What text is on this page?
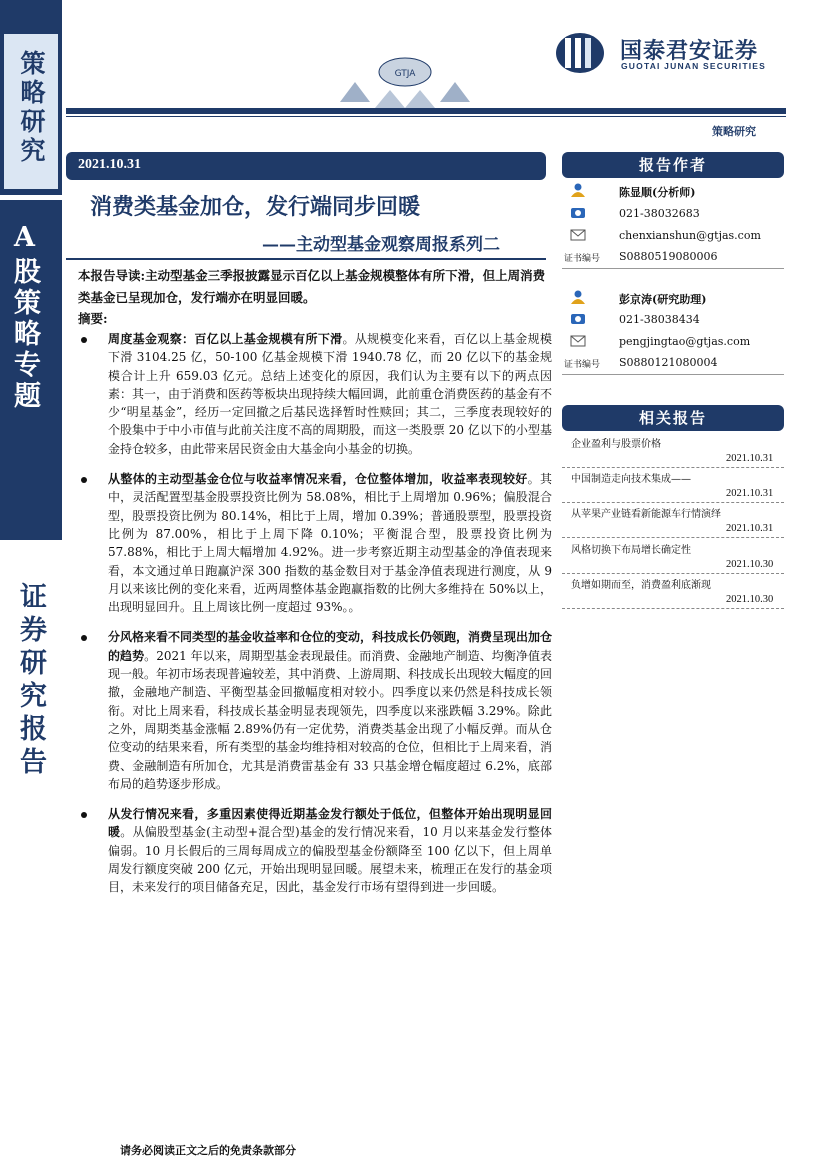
策略研究
A股策略专题
证券研究报告
GTJA
国泰君安证券
GUOTAI JUNAN SECURITIES
策略研究
2021.10.31
消费类基金加仓，发行端同步回暖
——主动型基金观察周报系列二
本报告导读:主动型基金三季报披露显示百亿以上基金规模整体有所下滑，但上周消费类基金已呈现加仓，发行端亦在明显回暖。
摘要:
周度基金观察：百亿以上基金规模有所下滑。从规模变化来看，百亿以上基金规模下滑 3104.25 亿，50-100 亿基金规模下滑 1940.78 亿，而 20 亿以下的基金规模合计上升 659.03 亿元。总结上述变化的原因，我们认为主要有以下的两点因素：其一，由于消费和医药等板块出现持续大幅回调，此前重仓消费医药的基金有不少“明星基金”，经历一定回撤之后基民选择暂时性赎回；其二，三季度表现较好的个股集中于中小市值与此前关注度不高的周期股，而这一类股票 20 亿以下的小型基金持仓较多，由此带来居民资金由大基金向小基金的切换。
从整体的主动型基金仓位与收益率情况来看，仓位整体增加，收益率表现较好。其中，灵活配置型基金股票投资比例为 58.08%，相比于上周增加 0.96%；偏股混合型，股票投资比例为 80.14%，相比于上周，增加 0.39%；普通股票型，股票投资比例为 87.00%，相比于上周下降 0.10%；平衡混合型，股票投资比例为 57.88%，相比于上周大幅增加 4.92%。进一步考察近期主动型基金的净值表现来看，本文通过单日跑赢沪深 300 指数的基金数目对于基金净值表现进行测度，从 9 月以来该比例的变化来看，近两周整体基金跑赢指数的比例大多维持在 50%以上，出现明显回升。且上周该比例一度超过 93%。。
分风格来看不同类型的基金收益率和仓位的变动，科技成长仍领跑，消费呈现出加仓的趋势。2021 年以来，周期型基金表现最佳。而消费、金融地产制造、均衡净值表现一般。年初市场表现普遍较差，其中消费、上游周期、科技成长出现较大幅度的回撤，金融地产制造、平衡型基金回撤幅度相对较小。四季度以来仍然是科技成长领衔。对比上周来看，科技成长基金明显表现领先，四季度以来涨跌幅 3.29%。除此之外，周期类基金涨幅 2.89%仍有一定优势，消费类基金出现了小幅反弹。而从仓位变动的结果来看，所有类型的基金均维持相对较高的仓位，但相比于上周来看，消费、金融制造有所加仓，尤其是消费雷基金有 33 只基金增仓幅度超过 6.2%，底部布局的趋势逐步形成。
从发行情况来看，多重因素使得近期基金发行额处于低位，但整体开始出现明显回暖。从偏股型基金(主动型+混合型)基金的发行情况来看，10 月以来基金发行整体偏弱。10 月长假后的三周每周成立的偏股型基金份额降至 100 亿以下，但上周单周发行额度突破 200 亿元，开始出现明显回暖。展望未来，梳理正在发行的基金项目，未来发行的项目储备充足，因此，基金发行市场有望得到进一步回暖。
报告作者
陈显顺(分析师)
021-38032683
chenxianshun@gtjas.com
证书编号 S0880519080006
彭京涛(研究助理)
021-38038434
pengjingtao@gtjas.com
证书编号 S0880121080004
相关报告
企业盈利与股票价格
2021.10.31
中国制造走向技术集成——
2021.10.31
从苹果产业链看新能源车行情演绎
2021.10.31
风格切换下布局增长确定性
2021.10.30
负增如期而至，消费盈利底渐现
2021.10.30
请务必阅读正文之后的免责条款部分
